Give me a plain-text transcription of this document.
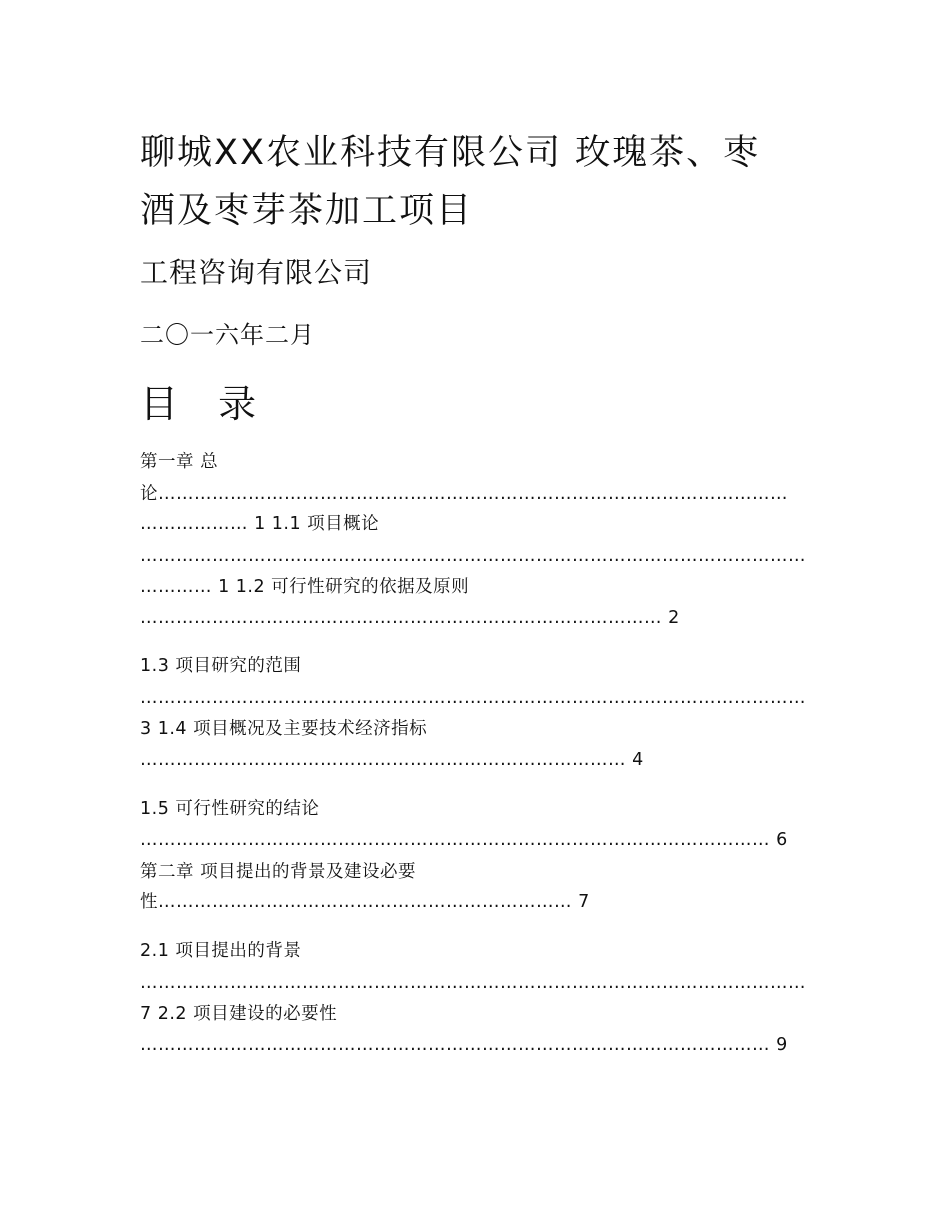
聊城XX农业科技有限公司 玫瑰茶、枣
酒及枣芽茶加工项目

工程咨询有限公司

二〇一六年二月

目 录
第一章 总
论……………………………………………………………………………………………
……………… 1 1.1 项目概论
…………………………………………………………………………………………………
………… 1 1.2 可行性研究的依据及原则
…………………………………………………………………………… 2
1.3 项目研究的范围
…………………………………………………………………………………………………
3 1.4 项目概况及主要技术经济指标
……………………………………………………………………… 4
1.5 可行性研究的结论
…………………………………………………………………………………………… 6
第二章 项目提出的背景及建设必要
性…………………………………………………………… 7
2.1 项目提出的背景
…………………………………………………………………………………………………
7 2.2 项目建设的必要性
…………………………………………………………………………………………… 9
